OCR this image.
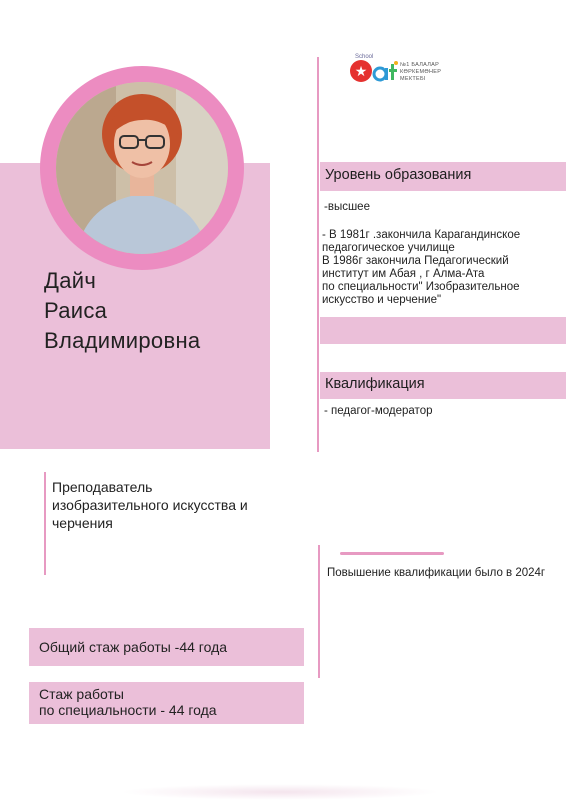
Дайч
Раиса
Владимировна
Преподаватель изобразительного искусства и черчения
Общий стаж работы -44 года
Стаж работы
по специальности - 44 года
School
★	№1 БАЛАЛАР
КӨРКЕМӨНЕР
МЕКТЕБІ
Уровень образования
-высшее
- В 1981г .закончила Карагандинское
педагогическое училище
В 1986г закончила Педагогический
институт им Абая , г Алма-Ата
по специальности" Изобразительное
искусство и черчение"
Квалификация
- педагог-модератор
Повышение квалификации было в 2024г
